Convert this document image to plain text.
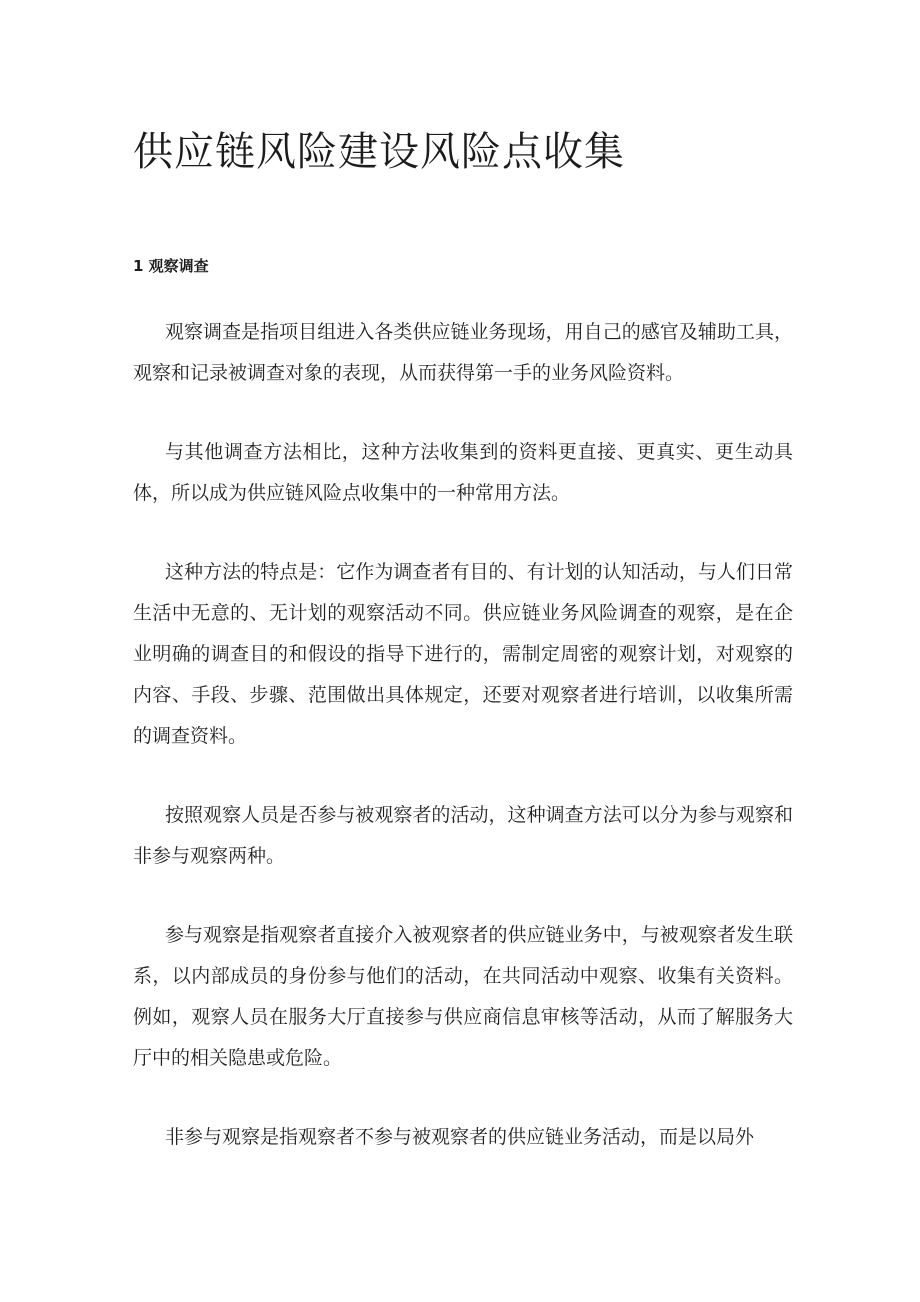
供应链风险建设风险点收集
1 观察调查

观察调查是指项目组进入各类供应链业务现场，用自己的感官及辅助工具，观察和记录被调查对象的表现，从而获得第一手的业务风险资料。

与其他调查方法相比，这种方法收集到的资料更直接、更真实、更生动具体，所以成为供应链风险点收集中的一种常用方法。

这种方法的特点是：它作为调查者有目的、有计划的认知活动，与人们日常生活中无意的、无计划的观察活动不同。供应链业务风险调查的观察，是在企业明确的调查目的和假设的指导下进行的，需制定周密的观察计划，对观察的内容、手段、步骤、范围做出具体规定，还要对观察者进行培训，以收集所需的调查资料。

按照观察人员是否参与被观察者的活动，这种调查方法可以分为参与观察和非参与观察两种。

参与观察是指观察者直接介入被观察者的供应链业务中，与被观察者发生联系，以内部成员的身份参与他们的活动，在共同活动中观察、收集有关资料。例如，观察人员在服务大厅直接参与供应商信息审核等活动，从而了解服务大厅中的相关隐患或危险。

非参与观察是指观察者不参与被观察者的供应链业务活动，而是以局外
